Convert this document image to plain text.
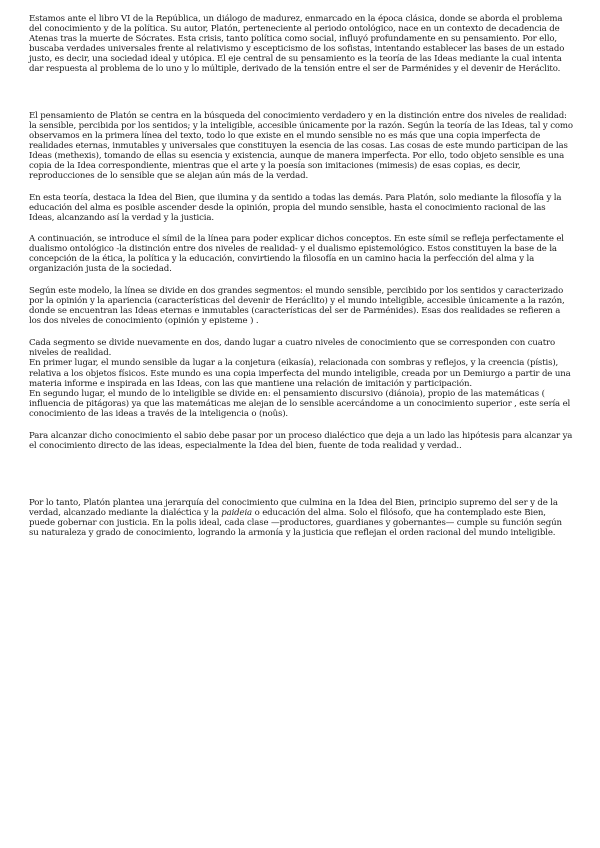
Estamos ante el libro VI de la República, un diálogo de madurez, enmarcado en la época clásica, donde se aborda el problema del conocimiento y de la política. Su autor, Platón, perteneciente al periodo ontológico, nace en un contexto de decadencia de Atenas tras la muerte de Sócrates. Esta crisis, tanto política como social, influyó profundamente en su pensamiento. Por ello, buscaba verdades universales frente al relativismo y escepticismo de los sofistas, intentando establecer las bases de un estado justo, es decir, una sociedad ideal y utópica. El eje central de su pensamiento es la teoría de las Ideas mediante la cual intenta dar respuesta al problema de lo uno y lo múltiple, derivado de la tensión entre el ser de Parménides y el devenir de Heráclito.

El pensamiento de Platón se centra en la búsqueda del conocimiento verdadero y en la distinción entre dos niveles de realidad: la sensible, percibida por los sentidos; y la inteligible, accesible únicamente por la razón. Según la teoría de las Ideas, tal y como observamos en la primera línea del texto, todo lo que existe en el mundo sensible no es más que una copia imperfecta de realidades eternas, inmutables y universales que constituyen la esencia de las cosas. Las cosas de este mundo participan de las Ideas (methexis), tomando de ellas su esencia y existencia, aunque de manera imperfecta. Por ello, todo objeto sensible es una copia de la Idea correspondiente, mientras que el arte y la poesía son imitaciones (mimesis) de esas copias, es decir, reproducciones de lo sensible que se alejan aún más de la verdad.

En esta teoría, destaca la Idea del Bien, que ilumina y da sentido a todas las demás. Para Platón, solo mediante la filosofía y la educación del alma es posible ascender desde la opinión, propia del mundo sensible, hasta el conocimiento racional de las Ideas, alcanzando así la verdad y la justicia.

A continuación, se introduce el símil de la línea para poder explicar dichos conceptos. En este símil se refleja perfectamente el dualismo ontológico -la distinción entre dos niveles de realidad- y el dualismo epistemológico. Estos constituyen la base de la concepción de la ética, la política y la educación, convirtiendo la filosofía en un camino hacia la perfección del alma y la organización justa de la sociedad.

Según este modelo, la línea se divide en dos grandes segmentos: el mundo sensible, percibido por los sentidos y caracterizado por la opinión y la apariencia (características del devenir de Heráclito) y el mundo inteligible, accesible únicamente a la razón, donde se encuentran las Ideas eternas e inmutables (características del ser de Parménides). Esas dos realidades se refieren a los dos niveles de conocimiento (opinión y episteme ) .

Cada segmento se divide nuevamente en dos, dando lugar a cuatro niveles de conocimiento que se corresponden con cuatro niveles de realidad.

En primer lugar, el mundo sensible da lugar a la conjetura (eikasía), relacionada con sombras y reflejos, y la creencia (pístis), relativa a los objetos físicos. Este mundo es una copia imperfecta del mundo inteligible, creada por un Demiurgo a partir de una materia informe e inspirada en las Ideas, con las que mantiene una relación de imitación y participación.

En segundo lugar, el mundo de lo inteligible se divide en: el pensamiento discursivo (diánoia), propio de las matemáticas ( influencia de pitágoras) ya que las matemáticas me alejan de lo sensible acercándome a un conocimiento superior , este sería el conocimiento de las ideas a través de la inteligencia o (noûs).

Para alcanzar dicho conocimiento el sabio debe pasar por un proceso dialéctico que deja a un lado las hipótesis para alcanzar ya el conocimiento directo de las ideas, especialmente la Idea del bien, fuente de toda realidad y verdad..

Por lo tanto, Platón plantea una jerarquía del conocimiento que culmina en la Idea del Bien, principio supremo del ser y de la verdad, alcanzado mediante la dialéctica y la paideia o educación del alma. Solo el filósofo, que ha contemplado este Bien, puede gobernar con justicia. En la polis ideal, cada clase —productores, guardianes y gobernantes— cumple su función según su naturaleza y grado de conocimiento, logrando la armonía y la justicia que reflejan el orden racional del mundo inteligible.
